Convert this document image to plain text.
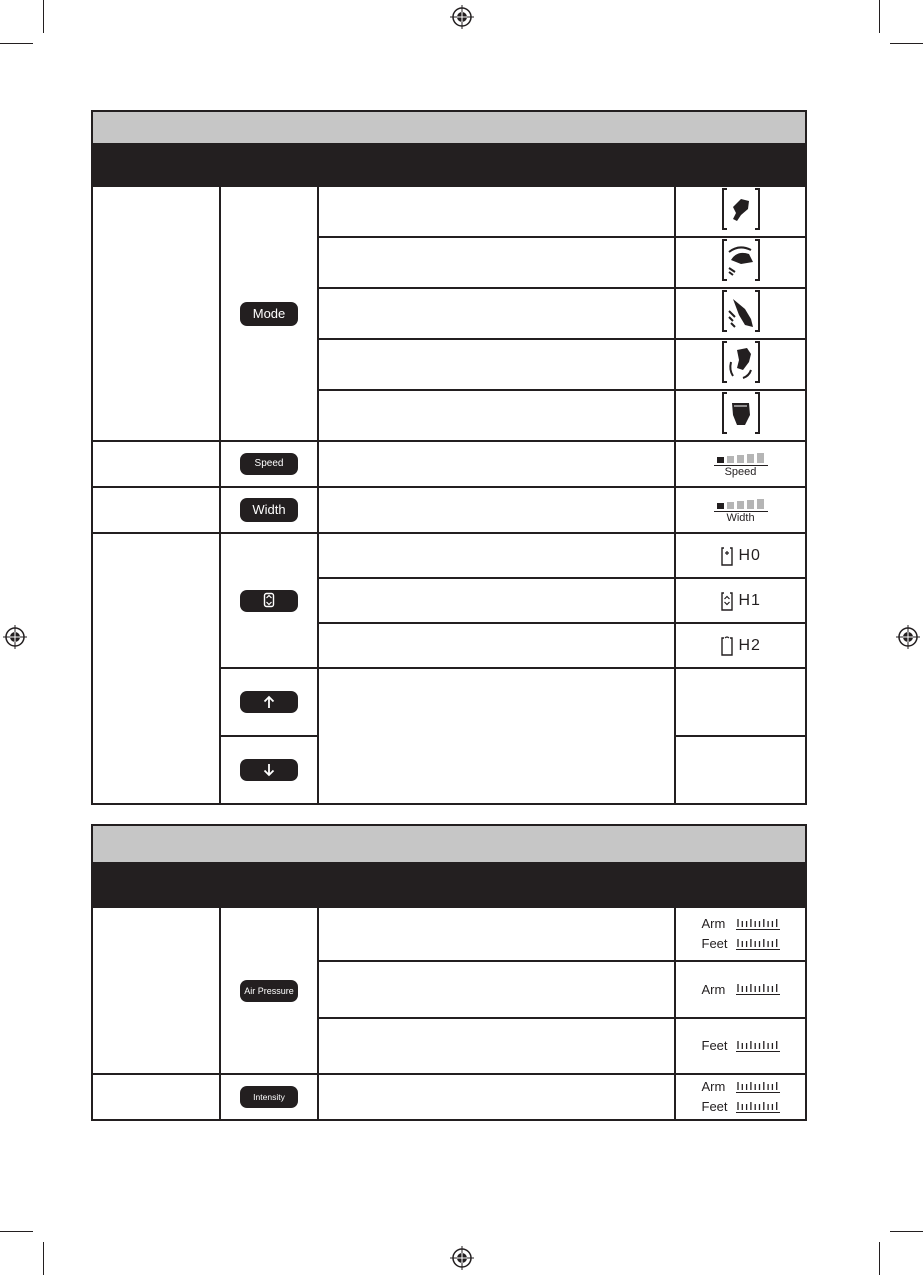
	Mode		

	Speed		Speed

	Width		Width

			H0
			H1
			H2

	Air Pressure		Arm
Feet

			Arm
			Feet
	Intensity		Arm
Feet
